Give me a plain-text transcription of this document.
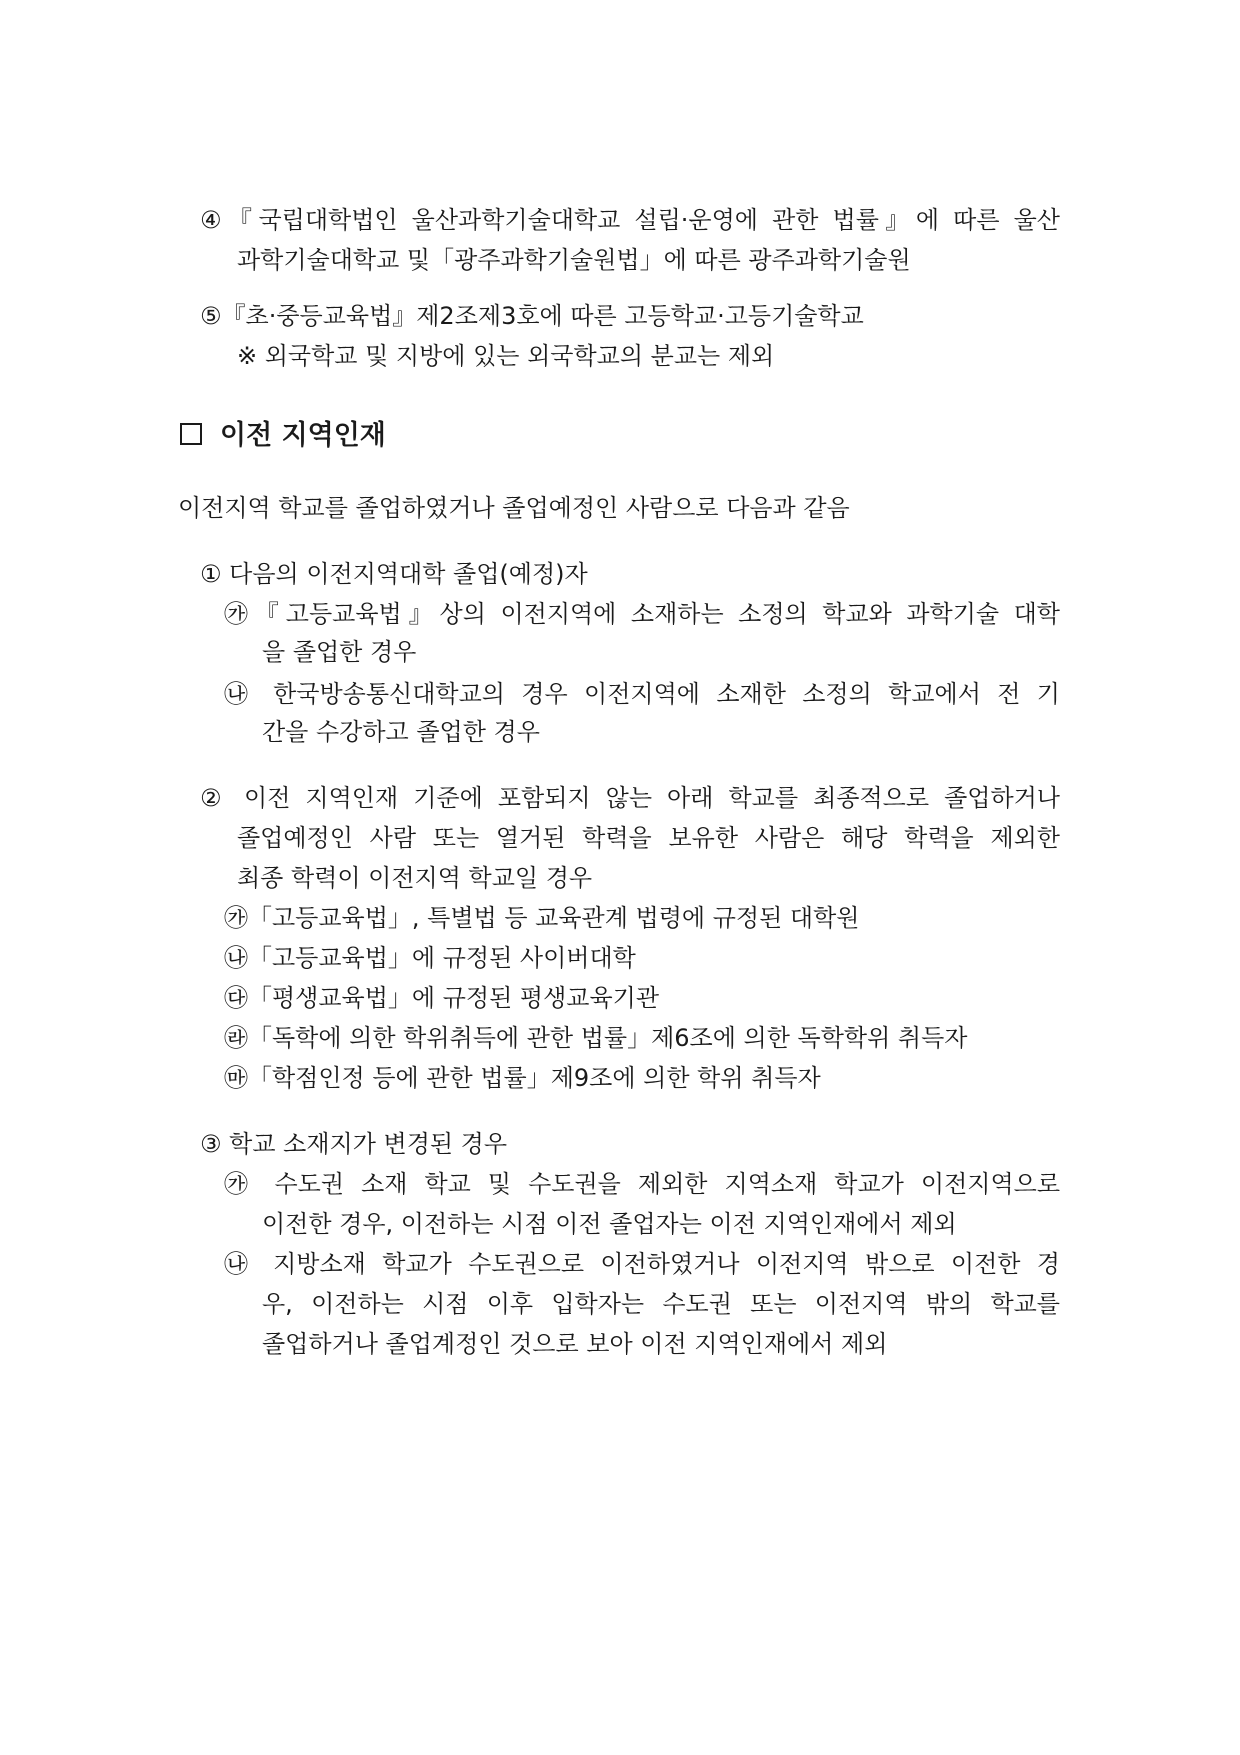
④『국립대학법인 울산과학기술대학교 설립·운영에 관한 법률』에 따른 울산
과학기술대학교 및「광주과학기술원법」에 따른 광주과학기술원
⑤『초·중등교육법』제2조제3호에 따른 고등학교·고등기술학교
※ 외국학교 및 지방에 있는 외국학교의 분교는 제외
이전 지역인재
이전지역 학교를 졸업하였거나 졸업예정인 사람으로 다음과 같음
① 다음의 이전지역대학 졸업(예정)자
㉮『고등교육법』상의 이전지역에 소재하는 소정의 학교와 과학기술 대학
을 졸업한 경우
㉯ 한국방송통신대학교의 경우 이전지역에 소재한 소정의 학교에서 전 기
간을 수강하고 졸업한 경우
② 이전 지역인재 기준에 포함되지 않는 아래 학교를 최종적으로 졸업하거나
졸업예정인 사람 또는 열거된 학력을 보유한 사람은 해당 학력을 제외한
최종 학력이 이전지역 학교일 경우
㉮「고등교육법」, 특별법 등 교육관계 법령에 규정된 대학원
㉯「고등교육법」에 규정된 사이버대학
㉰「평생교육법」에 규정된 평생교육기관
㉱「독학에 의한 학위취득에 관한 법률」제6조에 의한 독학학위 취득자
㉲「학점인정 등에 관한 법률」제9조에 의한 학위 취득자
③ 학교 소재지가 변경된 경우
㉮ 수도권 소재 학교 및 수도권을 제외한 지역소재 학교가 이전지역으로
이전한 경우, 이전하는 시점 이전 졸업자는 이전 지역인재에서 제외
㉯ 지방소재 학교가 수도권으로 이전하였거나 이전지역 밖으로 이전한 경
우, 이전하는 시점 이후 입학자는 수도권 또는 이전지역 밖의 학교를
졸업하거나 졸업계정인 것으로 보아 이전 지역인재에서 제외
